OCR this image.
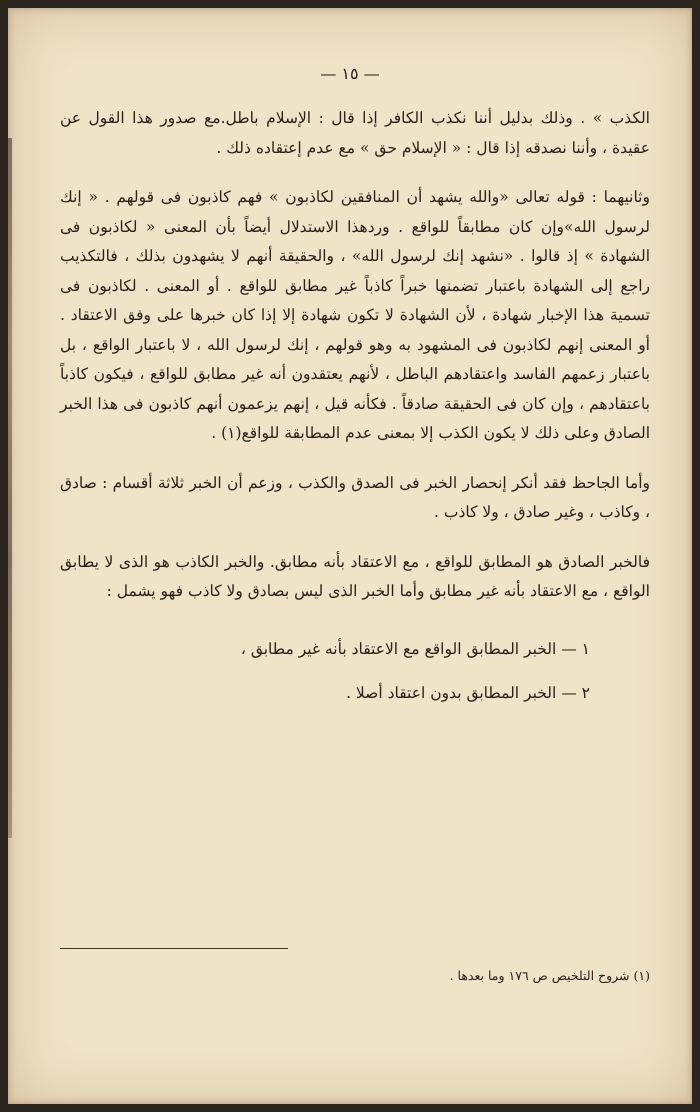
— ١٥ —

الكذب » . وذلك بدليل أننا نكذب الكافر إذا قال : الإسلام باطل.مع صدور هذا القول عن عقيدة ، وأننا نصدقه إذا قال : « الإسلام حق » مع عدم إعتقاده ذلك .

وثانيهما : قوله تعالى «والله يشهد أن المنافقين لكاذبون » فهم كاذبون فى قولهم . « إنك لرسول الله»وإن كان مطابقاً للواقع . وردهذا الاستدلال أيضاً بأن المعنى « لكاذبون فى الشهادة » إذ قالوا . «نشهد إنك لرسول الله» ، والحقيقة أنهم لا يشهدون بذلك ، فالتكذيب راجع إلى الشهادة باعتبار تضمنها خبراً كاذباً غير مطابق للواقع . أو المعنى . لكاذبون فى تسمية هذا الإخبار شهادة ، لأن الشهادة لا تكون شهادة إلا إذا كان خبرها على وفق الاعتقاد . أو المعنى إنهم لكاذبون فى المشهود به وهو قولهم ، إنك لرسول الله ، لا باعتبار الواقع ، بل باعتبار زعمهم الفاسد واعتقادهم الباطل ، لأنهم يعتقدون أنه غير مطابق للواقع ، فيكون كاذباً باعتقادهم ، وإن كان فى الحقيقة صادقاً . فكأنه قيل ، إنهم يزعمون أنهم كاذبون فى هذا الخبر الصادق وعلى ذلك لا يكون الكذب إلا بمعنى عدم المطابقة للواقع(١) .

وأما الجاحظ فقد أنكر إنحصار الخبر فى الصدق والكذب ، وزعم أن الخبر ثلاثة أقسام : صادق ، وكاذب ، وغير صادق ، ولا كاذب .

فالخبر الصادق هو المطابق للواقع ، مع الاعتقاد بأنه مطابق. والخبر الكاذب هو الذى لا يطابق الواقع ، مع الاعتقاد بأنه غير مطابق وأما الخبر الذى ليس بصادق ولا كاذب فهو يشمل :

١ — الخبر المطابق الواقع مع الاعتقاد بأنه غير مطابق ،
٢ — الخبر المطابق بدون اعتقاد أصلا .
(١) شروح التلخيص ص ١٧٦ وما بعدها .
